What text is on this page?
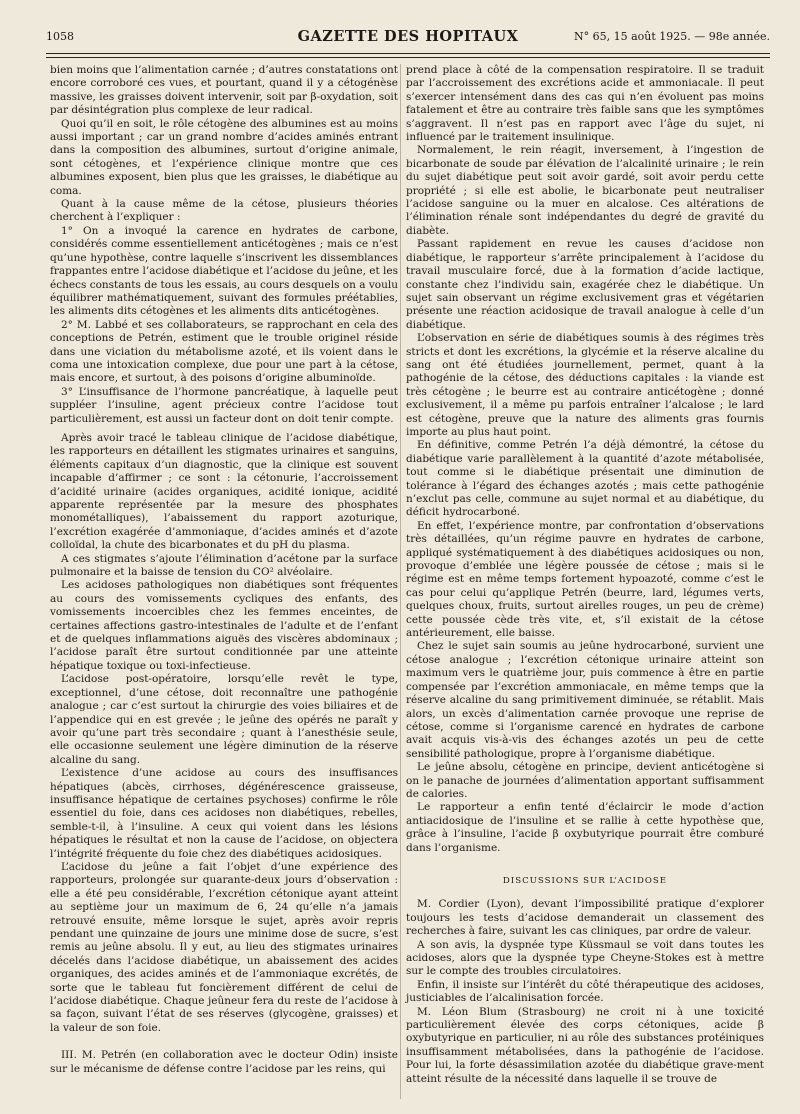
1058	GAZETTE DES HOPITAUX	N° 65, 15 août 1925. — 98e année.

bien moins que l’alimentation carnée ; d’autres constatations ont encore corroboré ces vues, et pourtant, quand il y a cétogénèse massive, les graisses doivent intervenir, soit par β-oxydation, soit par désintégration plus complexe de leur radical.

Quoi qu’il en soit, le rôle cétogène des albumines est au moins aussi important ; car un grand nombre d’acides aminés entrant dans la composition des albumines, surtout d’origine animale, sont cétogènes, et l’expérience clinique montre que ces albumines exposent, bien plus que les graisses, le diabétique au coma.

Quant à la cause même de la cétose, plusieurs théories cherchent à l’expliquer :

1° On a invoqué la carence en hydrates de carbone, considérés comme essentiellement anticétogènes ; mais ce n’est qu’une hypothèse, contre laquelle s’inscrivent les dissemblances frappantes entre l’acidose diabétique et l’acidose du jeûne, et les échecs constants de tous les essais, au cours desquels on a voulu équilibrer mathématiquement, suivant des formules préétablies, les aliments dits cétogènes et les aliments dits anticétogènes.

2° M. Labbé et ses collaborateurs, se rapprochant en cela des conceptions de Petrén, estiment que le trouble originel réside dans une viciation du métabolisme azoté, et ils voient dans le coma une intoxication complexe, due pour une part à la cétose, mais encore, et surtout, à des poisons d’origine albuminoïde.

3° L’insuffisance de l’hormone pancréatique, à laquelle peut suppléer l’insuline, agent précieux contre l’acidose tout particulièrement, est aussi un facteur dont on doit tenir compte.

Après avoir tracé le tableau clinique de l’acidose diabétique, les rapporteurs en détaillent les stigmates urinaires et sanguins, éléments capitaux d’un diagnostic, que la clinique est souvent incapable d’affirmer ; ce sont : la cétonurie, l’accroissement d’acidité urinaire (acides organiques, acidité ionique, acidité apparente représentée par la mesure des phosphates monométalliques), l’abaissement du rapport azoturique, l’excrétion exagérée d’ammoniaque, d’acides aminés et d’azote colloïdal, la chute des bicarbonates et du pH du plasma.

A ces stigmates s’ajoute l’élimination d’acétone par la surface pulmonaire et la baisse de tension du CO² alvéolaire.

Les acidoses pathologiques non diabétiques sont fréquentes au cours des vomissements cycliques des enfants, des vomissements incoercibles chez les femmes enceintes, de certaines affections gastro-intestinales de l’adulte et de l’enfant et de quelques inflammations aiguës des viscères abdominaux ; l’acidose paraît être surtout conditionnée par une atteinte hépatique toxique ou toxi-infectieuse.

L’acidose post-opératoire, lorsqu’elle revêt le type, exceptionnel, d’une cétose, doit reconnaître une pathogénie analogue ; car c’est surtout la chirurgie des voies biliaires et de l’appendice qui en est grevée ; le jeûne des opérés ne paraît y avoir qu’une part très secondaire ; quant à l’anesthésie seule, elle occasionne seulement une légère diminution de la réserve alcaline du sang.

L’existence d’une acidose au cours des insuffisances hépatiques (abcès, cirrhoses, dégénérescence graisseuse, insuffisance hépatique de certaines psychoses) confirme le rôle essentiel du foie, dans ces acidoses non diabétiques, rebelles, semble-t-il, à l’insuline. A ceux qui voient dans les lésions hépatiques le résultat et non la cause de l’acidose, on objectera l’intégrité fréquente du foie chez des diabétiques acidosiques.

L’acidose du jeûne a fait l’objet d’une expérience des rapporteurs, prolongée sur quarante-deux jours d’observation : elle a été peu considérable, l’excrétion cétonique ayant atteint au septième jour un maximum de 6, 24 qu’elle n’a jamais retrouvé ensuite, même lorsque le sujet, après avoir repris pendant une quinzaine de jours une minime dose de sucre, s’est remis au jeûne absolu. Il y eut, au lieu des stigmates urinaires décelés dans l’acidose diabétique, un abaissement des acides organiques, des acides aminés et de l’ammoniaque excrétés, de sorte que le tableau fut foncièrement différent de celui de l’acidose diabétique. Chaque jeûneur fera du reste de l’acidose à sa façon, suivant l’état de ses réserves (glycogène, graisses) et la valeur de son foie.

III. M. Petrén (en collaboration avec le docteur Odin) insiste sur le mécanisme de défense contre l’acidose par les reins, qui

prend place à côté de la compensation respiratoire. Il se traduit par l’accroissement des excrétions acide et ammoniacale. Il peut s’exercer intensément dans des cas qui n’en évoluent pas moins fatalement et être au contraire très faible sans que les symptômes s’aggravent. Il n’est pas en rapport avec l’âge du sujet, ni influencé par le traitement insulinique.

Normalement, le rein réagit, inversement, à l’ingestion de bicarbonate de soude par élévation de l’alcalinité urinaire ; le rein du sujet diabétique peut soit avoir gardé, soit avoir perdu cette propriété ; si elle est abolie, le bicarbonate peut neutraliser l’acidose sanguine ou la muer en alcalose. Ces altérations de l’élimination rénale sont indépendantes du degré de gravité du diabète.

Passant rapidement en revue les causes d’acidose non diabétique, le rapporteur s’arrête principalement à l’acidose du travail musculaire forcé, due à la formation d’acide lactique, constante chez l’individu sain, exagérée chez le diabétique. Un sujet sain observant un régime exclusivement gras et végétarien présente une réaction acidosique de travail analogue à celle d’un diabétique.

L’observation en série de diabétiques soumis à des régimes très stricts et dont les excrétions, la glycémie et la réserve alcaline du sang ont été étudiées journellement, permet, quant à la pathogénie de la cétose, des déductions capitales : la viande est très cétogène ; le beurre est au contraire anticétogène ; donné exclusivement, il a même pu parfois entraîner l’alcalose ; le lard est cétogène, preuve que la nature des aliments gras fournis importe au plus haut point.

En définitive, comme Petrén l’a déjà démontré, la cétose du diabétique varie parallèlement à la quantité d’azote métabolisée, tout comme si le diabétique présentait une diminution de tolérance à l’égard des échanges azotés ; mais cette pathogénie n’exclut pas celle, commune au sujet normal et au diabétique, du déficit hydrocarboné.

En effet, l’expérience montre, par confrontation d’observations très détaillées, qu’un régime pauvre en hydrates de carbone, appliqué systématiquement à des diabétiques acidosiques ou non, provoque d’emblée une légère poussée de cétose ; mais si le régime est en même temps fortement hypoazoté, comme c’est le cas pour celui qu’applique Petrén (beurre, lard, légumes verts, quelques choux, fruits, surtout airelles rouges, un peu de crème) cette poussée cède très vite, et, s’il existait de la cétose antérieurement, elle baisse.

Chez le sujet sain soumis au jeûne hydrocarboné, survient une cétose analogue ; l’excrétion cétonique urinaire atteint son maximum vers le quatrième jour, puis commence à être en partie compensée par l’excrétion ammoniacale, en même temps que la réserve alcaline du sang primitivement diminuée, se rétablit. Mais alors, un excès d’alimentation carnée provoque une reprise de cétose, comme si l’organisme carencé en hydrates de carbone avait acquis vis-à-vis des échanges azotés un peu de cette sensibilité pathologique, propre à l’organisme diabétique.

Le jeûne absolu, cétogène en principe, devient anticétogène si on le panache de journées d’alimentation apportant suffisamment de calories.

Le rapporteur a enfin tenté d’éclaircir le mode d’action antiacidosique de l’insuline et se rallie à cette hypothèse que, grâce à l’insuline, l’acide β oxybutyrique pourrait être comburé dans l’organisme.

DISCUSSIONS SUR L’ACIDOSE

M. Cordier (Lyon), devant l’impossibilité pratique d’explorer toujours les tests d’acidose demanderait un classement des recherches à faire, suivant les cas cliniques, par ordre de valeur.

A son avis, la dyspnée type Küssmaul se voit dans toutes les acidoses, alors que la dyspnée type Cheyne-Stokes est à mettre sur le compte des troubles circulatoires.

Enfin, il insiste sur l’intérêt du côté thérapeutique des acidoses, justiciables de l’alcalinisation forcée.

M. Léon Blum (Strasbourg) ne croit ni à une toxicité particulièrement élevée des corps cétoniques, acide β oxybutyrique en particulier, ni au rôle des substances protéiniques insuffisamment métabolisées, dans la pathogénie de l’acidose. Pour lui, la forte désassimilation azotée du diabétique grave-ment atteint résulte de la nécessité dans laquelle il se trouve de
